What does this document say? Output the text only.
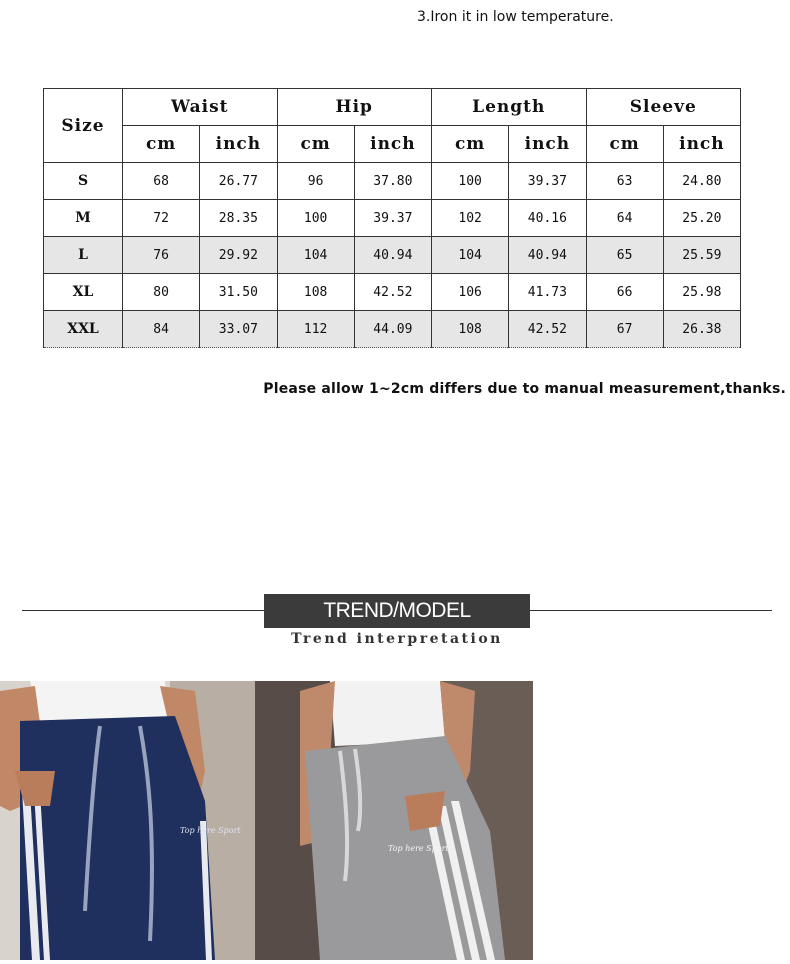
3.Iron it in low temperature.
Size	Waist		Hip		Length		Sleeve	
	cm	inch	cm	inch	cm	inch	cm	inch
S	68	26.77	96	37.80	100	39.37	63	24.80
M	72	28.35	100	39.37	102	40.16	64	25.20
L	76	29.92	104	40.94	104	40.94	65	25.59
XL	80	31.50	108	42.52	106	41.73	66	25.98
XXL	84	33.07	112	44.09	108	42.52	67	26.38
Please allow 1~2cm differs due to manual measurement,thanks.
TREND/MODEL
Trend interpretation
Top here Sport
Top here Sport
